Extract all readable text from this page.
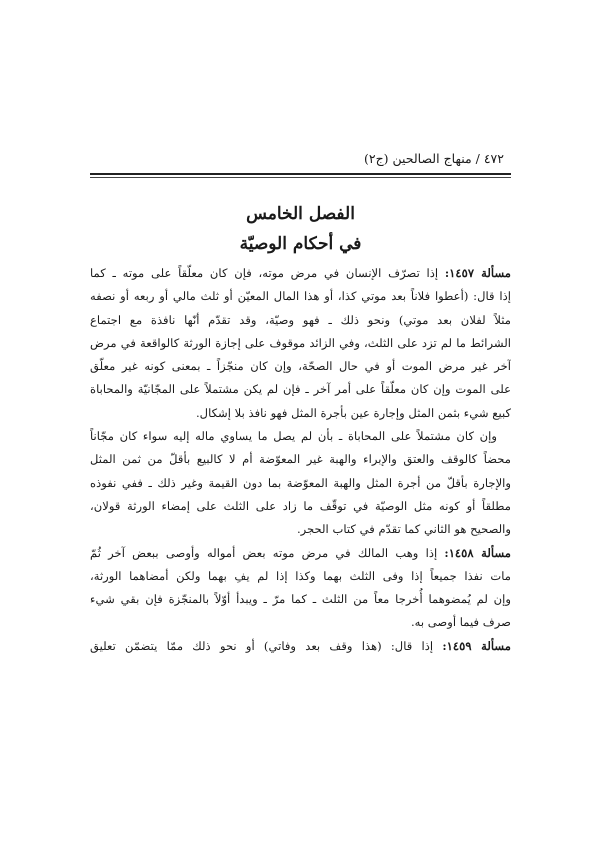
٤٧٢ / منهاج الصالحين (ج٢)
الفصل الخامس
في أحكام الوصيّة
مسألة ١٤٥٧: إذا تصرّف الإنسان في مرض موته، فإن كان معلّقاً على موته ـ كما
إذا قال: (أعطوا فلاناً بعد موتي كذا، أو هذا المال المعيّن أو ثلث مالي أو ربعه أو نصفه
مثلاً لفلان بعد موتي) ونحو ذلك ـ فهو وصيّة، وقد تقدّم أنّها نافذة مع اجتماع
الشرائط ما لم تزد على الثلث، وفي الزائد موقوف على إجازة الورثة كالواقعة في مرض
آخر غير مرض الموت أو في حال الصحّة، وإن كان منجّزاً ـ بمعنى كونه غير معلّق
على الموت وإن كان معلّقاً على أمر آخر ـ فإن لم يكن مشتملاً على المجّانيّة والمحاباة
كبيع شيء بثمن المثل وإجارة عين بأجرة المثل فهو نافذ بلا إشكال.
وإن كان مشتملاً على المحاباة ـ بأن لم يصل ما يساوي ماله إليه سواء كان مجّاناً
محضاً كالوقف والعتق والإبراء والهبة غير المعوّضة أم لا كالبيع بأقلّ من ثمن المثل
والإجارة بأقلّ من أجرة المثل والهبة المعوّضة بما دون القيمة وغير ذلك ـ ففي نفوذه
مطلقاً أو كونه مثل الوصيّة في توقّف ما زاد على الثلث على إمضاء الورثة قولان،
والصحيح هو الثاني كما تقدّم في كتاب الحجر.
مسألة ١٤٥٨: إذا وهب المالك في مرض موته بعض أمواله وأوصى ببعض آخر ثُمّ
مات نفذا جميعاً إذا وفى الثلث بهما وكذا إذا لم يفِ بهما ولكن أمضاهما الورثة،
وإن لم يُمضوهما أُخرجا معاً من الثلث ـ كما مرّ ـ ويبدأ أوّلاً بالمنجّزة فإن بقي شيء
صرف فيما أوصى به.
مسألة ١٤٥٩: إذا قال: (هذا وقف بعد وفاتي) أو نحو ذلك ممّا يتضمّن تعليق
